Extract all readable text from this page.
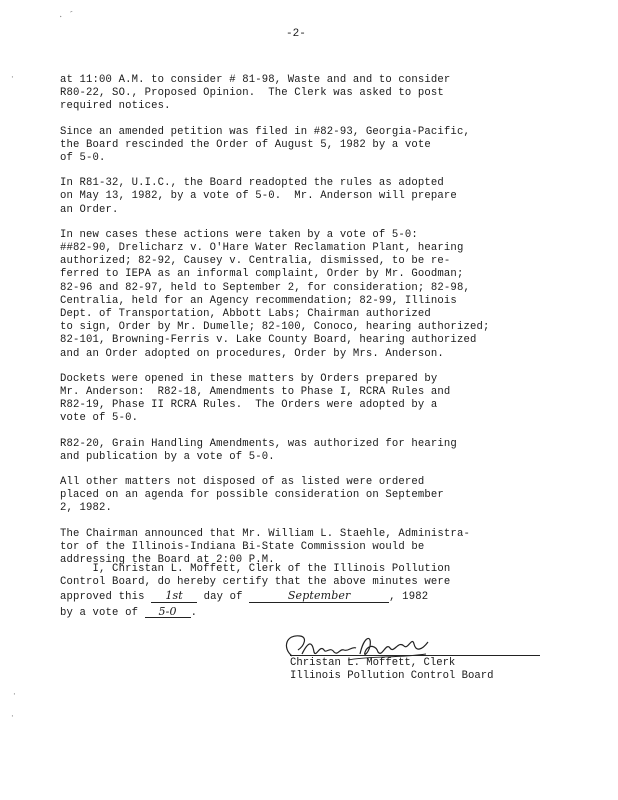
· -
·
·
·
-2-

at 11:00 A.M. to consider # 81-98, Waste and and to consider
R80-22, SO., Proposed Opinion.  The Clerk was asked to post
required notices.

Since an amended petition was filed in #82-93, Georgia-Pacific,
the Board rescinded the Order of August 5, 1982 by a vote
of 5-0.

In R81-32, U.I.C., the Board readopted the rules as adopted
on May 13, 1982, by a vote of 5-0.  Mr. Anderson will prepare
an Order.

In new cases these actions were taken by a vote of 5-0:
##82-90, Drelicharz v. O'Hare Water Reclamation Plant, hearing
authorized; 82-92, Causey v. Centralia, dismissed, to be re-
ferred to IEPA as an informal complaint, Order by Mr. Goodman;
82-96 and 82-97, held to September 2, for consideration; 82-98,
Centralia, held for an Agency recommendation; 82-99, Illinois
Dept. of Transportation, Abbott Labs; Chairman authorized
to sign, Order by Mr. Dumelle; 82-100, Conoco, hearing authorized;
82-101, Browning-Ferris v. Lake County Board, hearing authorized
and an Order adopted on procedures, Order by Mrs. Anderson.

Dockets were opened in these matters by Orders prepared by
Mr. Anderson:  R82-18, Amendments to Phase I, RCRA Rules and
R82-19, Phase II RCRA Rules.  The Orders were adopted by a
vote of 5-0.

R82-20, Grain Handling Amendments, was authorized for hearing
and publication by a vote of 5-0.

All other matters not disposed of as listed were ordered
placed on an agenda for possible consideration on September
2, 1982.

The Chairman announced that Mr. William L. Staehle, Administra-
tor of the Illinois-Indiana Bi-State Commission would be
addressing the Board at 2:00 P.M.

I, Christan L. Moffett, Clerk of the Illinois Pollution
Control Board, do hereby certify that the above minutes were
approved this 1st
day of	September	, 1982
by a vote of 5-0 .
Christan L. Moffett, Clerk
Illinois Pollution Control Board
